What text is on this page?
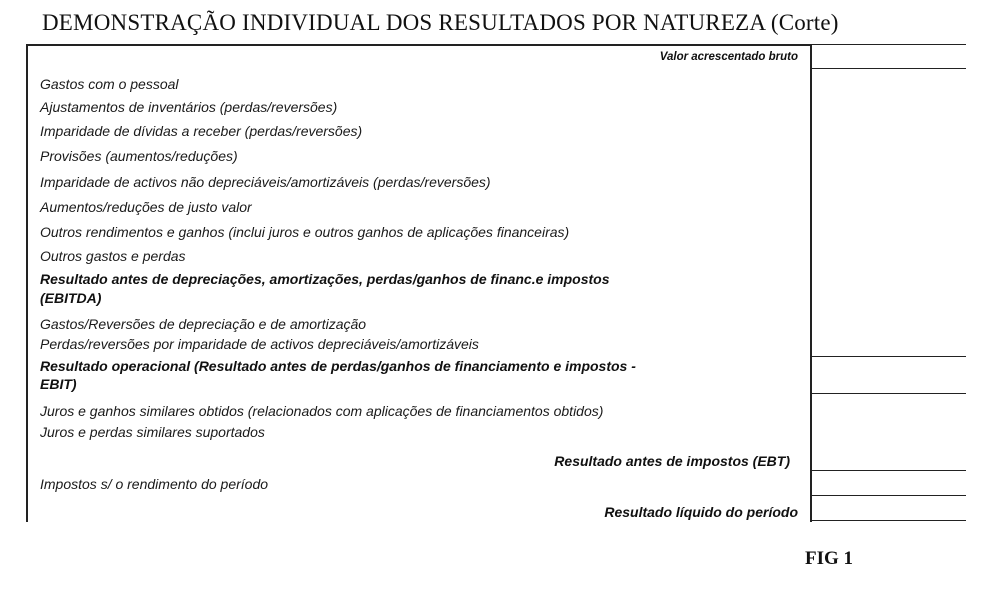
DEMONSTRAÇÃO INDIVIDUAL DOS RESULTADOS POR NATUREZA (Corte)
Valor acrescentado bruto
Gastos com o pessoal
Ajustamentos de inventários (perdas/reversões)
Imparidade de dívidas a receber (perdas/reversões)
Provisões (aumentos/reduções)
Imparidade de activos não depreciáveis/amortizáveis (perdas/reversões)
Aumentos/reduções de justo valor
Outros rendimentos e ganhos (inclui juros e outros ganhos de aplicações financeiras)
Outros gastos e perdas
Resultado antes de depreciações, amortizações, perdas/ganhos de financ.e impostos
(EBITDA)
Gastos/Reversões de depreciação e de amortização
Perdas/reversões por imparidade de activos depreciáveis/amortizáveis
Resultado operacional (Resultado antes de perdas/ganhos de financiamento e impostos -
EBIT)
Juros e ganhos similares obtidos (relacionados com aplicações de financiamentos obtidos)
Juros e perdas similares suportados
Resultado antes de impostos (EBT)
Impostos s/ o rendimento do período
Resultado líquido do período
FIG 1
